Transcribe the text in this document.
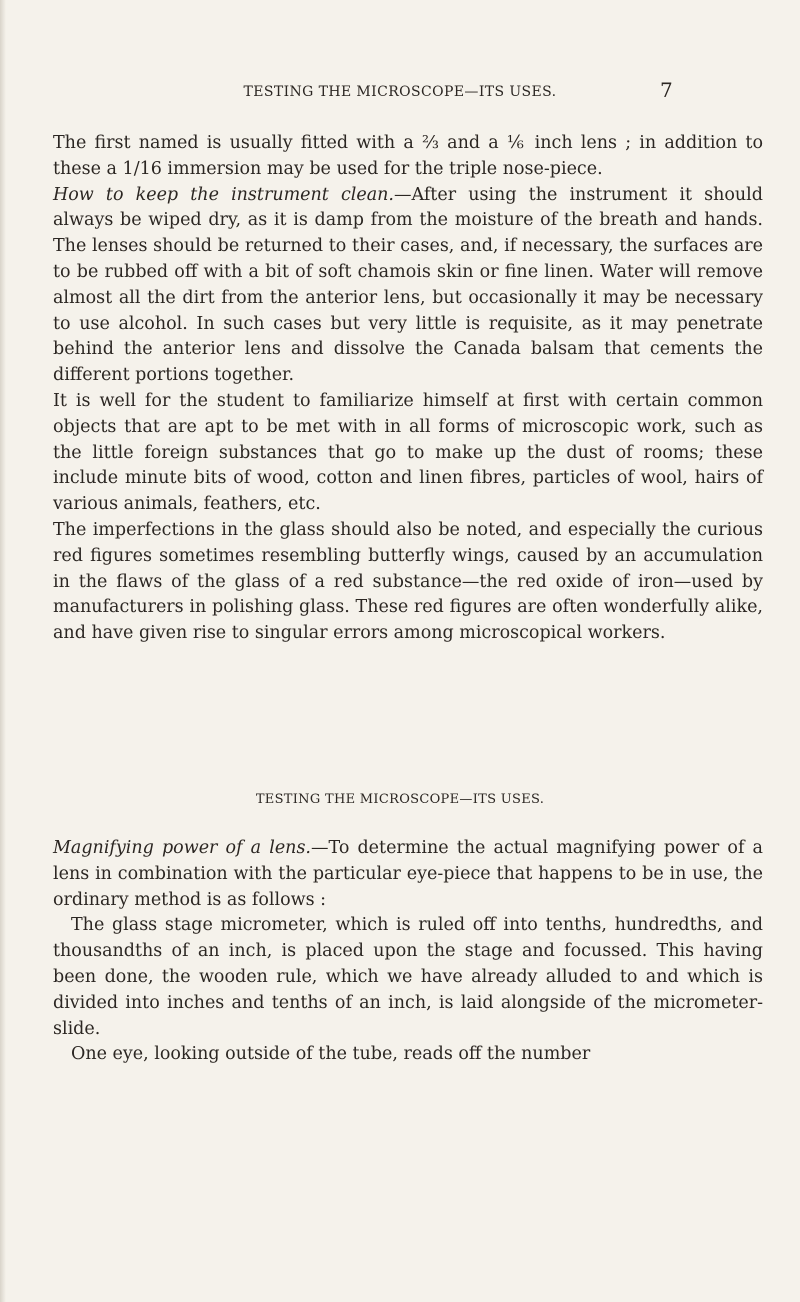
TESTING THE MICROSCOPE—ITS USES.	7

The first named is usually fitted with a ⅔ and a ⅙ inch lens ; in addition to these a 1/16 immersion may be used for the triple nose-piece.

How to keep the instrument clean.—After using the instrument it should always be wiped dry, as it is damp from the moisture of the breath and hands. The lenses should be returned to their cases, and, if necessary, the surfaces are to be rubbed off with a bit of soft chamois skin or fine linen. Water will remove almost all the dirt from the anterior lens, but occasionally it may be necessary to use alcohol. In such cases but very little is requisite, as it may penetrate behind the anterior lens and dissolve the Canada balsam that cements the different portions together.

It is well for the student to familiarize himself at first with certain common objects that are apt to be met with in all forms of microscopic work, such as the little foreign substances that go to make up the dust of rooms; these include minute bits of wood, cotton and linen fibres, particles of wool, hairs of various animals, feathers, etc.

The imperfections in the glass should also be noted, and especially the curious red figures sometimes resembling butterfly wings, caused by an accumulation in the flaws of the glass of a red substance—the red oxide of iron—used by manufacturers in polishing glass. These red figures are often wonderfully alike, and have given rise to singular errors among microscopical workers.

TESTING THE MICROSCOPE—ITS USES.

Magnifying power of a lens.—To determine the actual magnifying power of a lens in combination with the particular eye-piece that happens to be in use, the ordinary method is as follows :

The glass stage micrometer, which is ruled off into tenths, hundredths, and thousandths of an inch, is placed upon the stage and focussed. This having been done, the wooden rule, which we have already alluded to and which is divided into inches and tenths of an inch, is laid alongside of the micrometer-slide.

One eye, looking outside of the tube, reads off the number
